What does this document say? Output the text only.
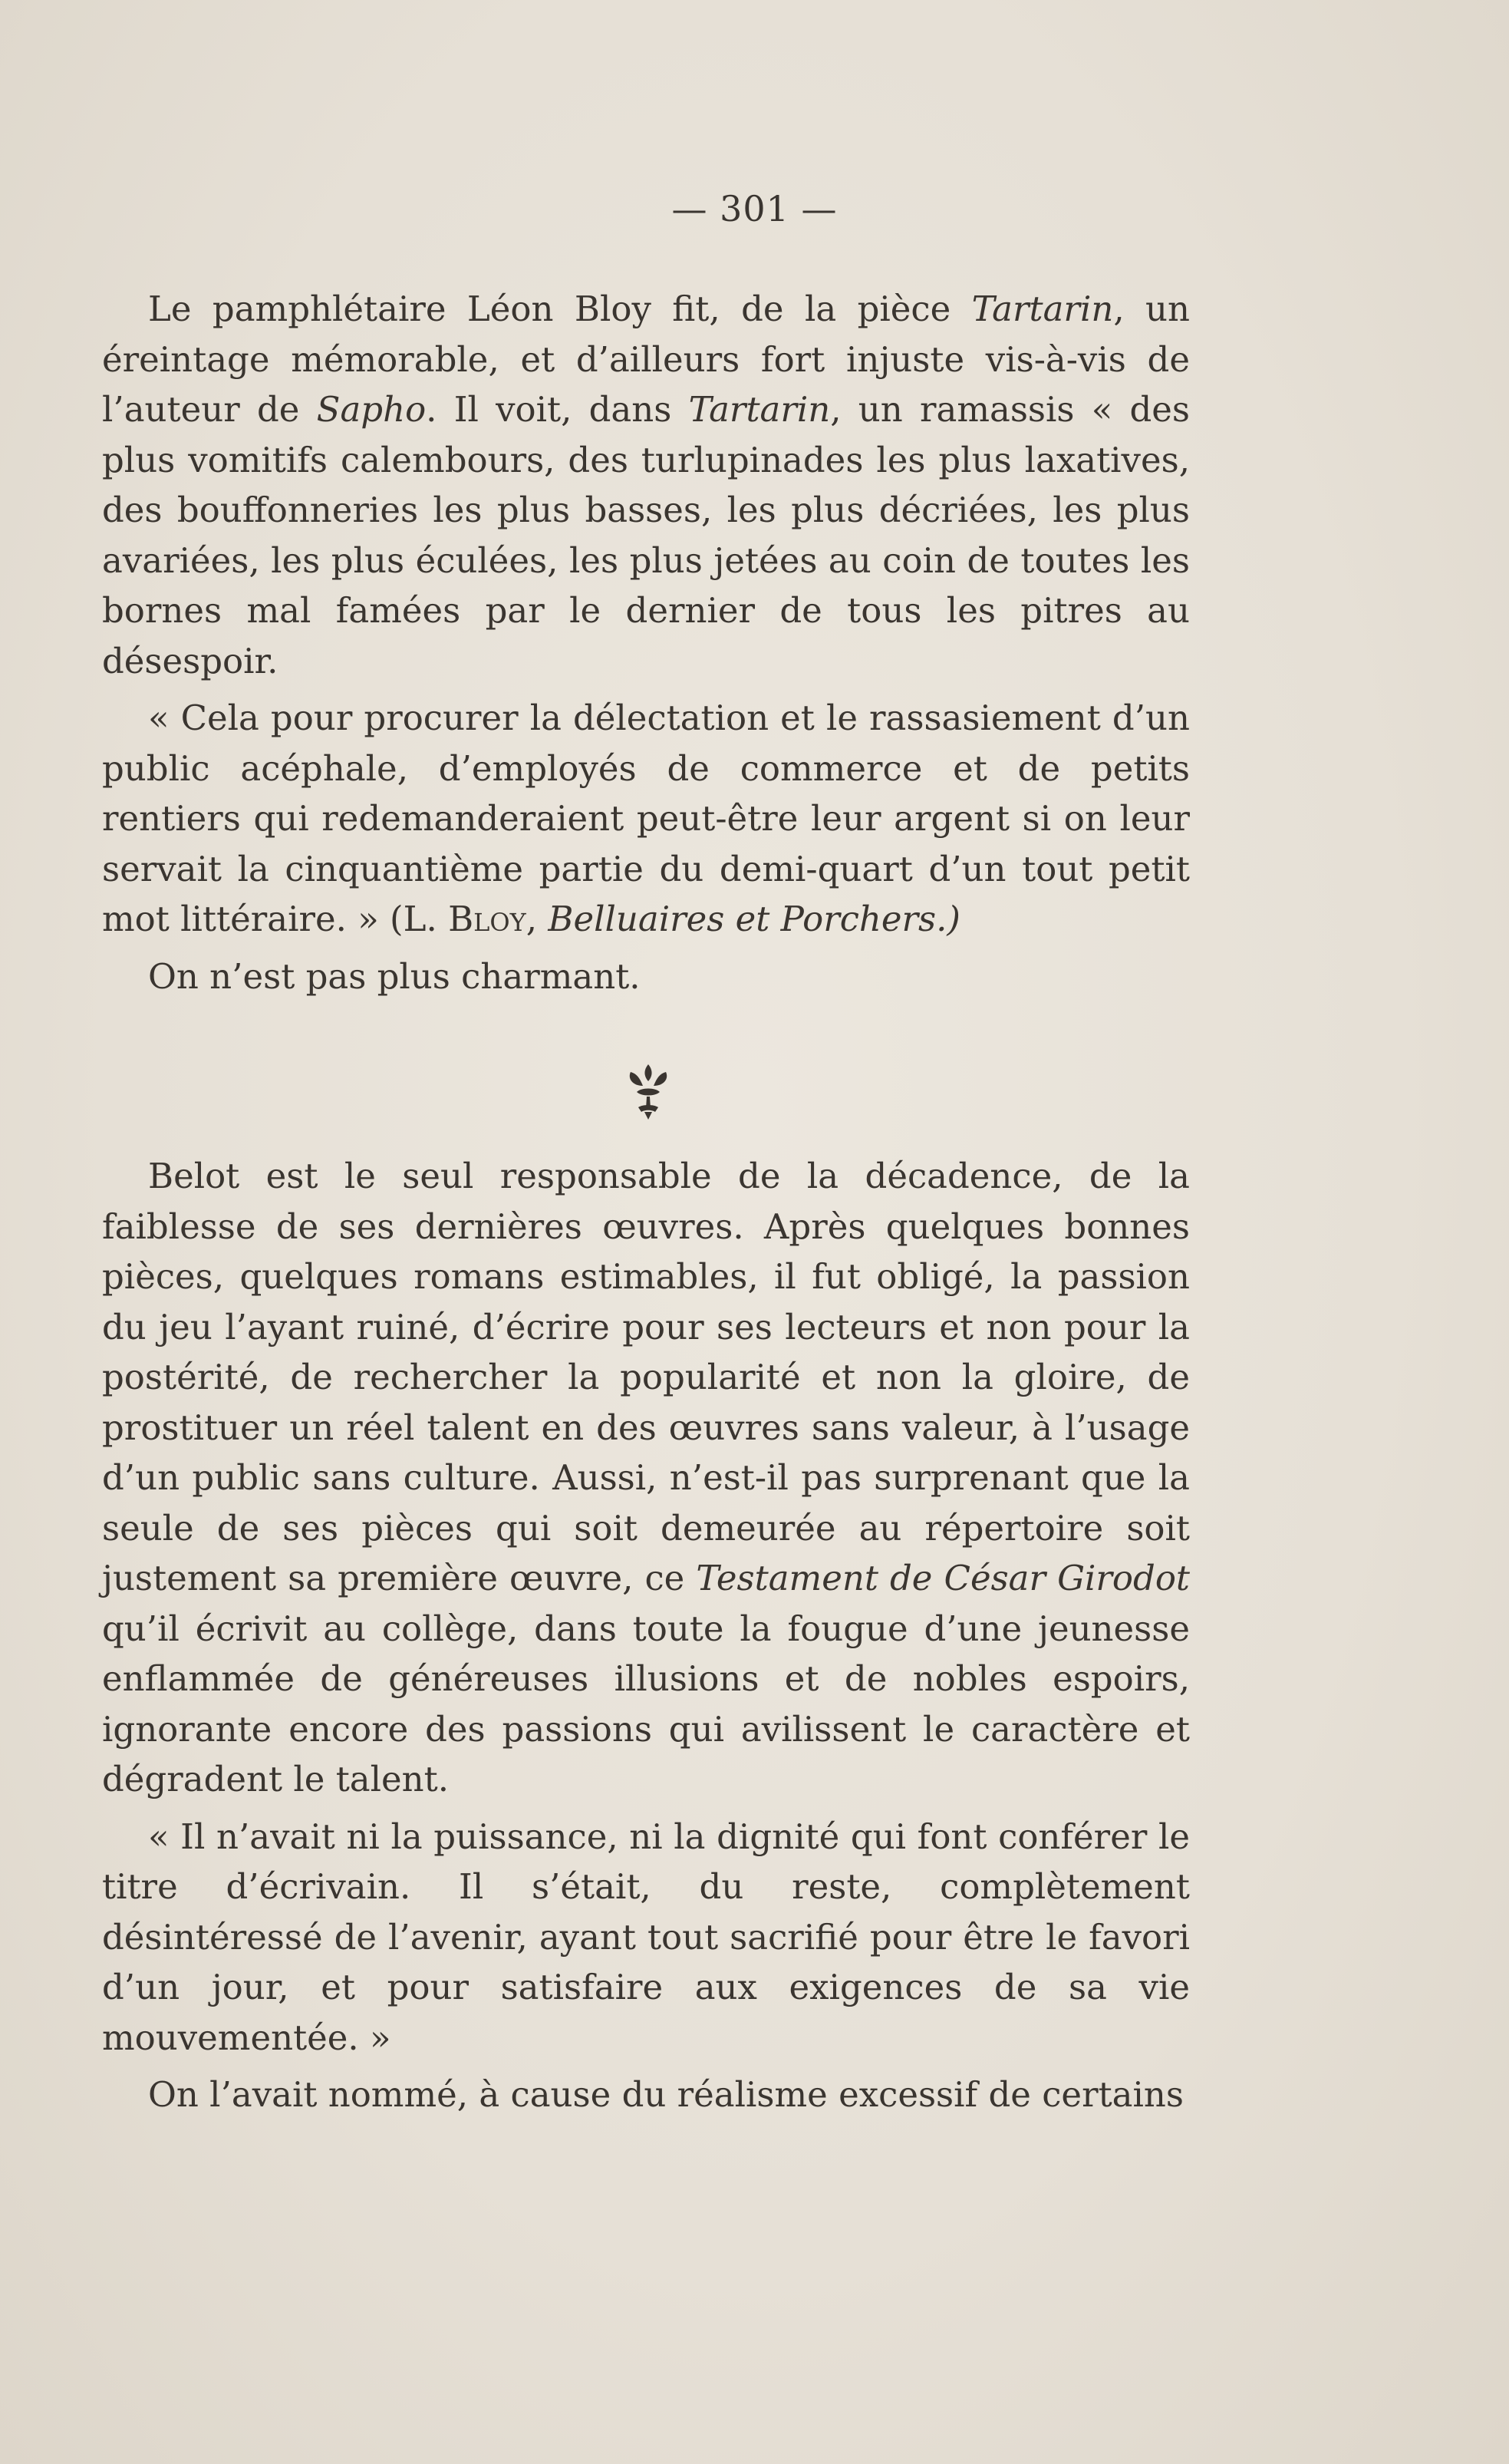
— 301 —

Le pamphlétaire Léon Bloy fit, de la pièce Tartarin, un éreintage mémorable, et d’ailleurs fort injuste vis-à-vis de l’auteur de Sapho. Il voit, dans Tartarin, un ramassis « des plus vomitifs calembours, des turlupinades les plus laxatives, des bouffonneries les plus basses, les plus décriées, les plus avariées, les plus éculées, les plus jetées au coin de toutes les bornes mal famées par le dernier de tous les pitres au désespoir.

« Cela pour procurer la délectation et le rassasiement d’un public acéphale, d’employés de commerce et de petits rentiers qui redemanderaient peut-être leur argent si on leur servait la cinquantième partie du demi-quart d’un tout petit mot littéraire. » (L. Bloy, Belluaires et Porchers.)

On n’est pas plus charmant.

Belot est le seul responsable de la décadence, de la faiblesse de ses dernières œuvres. Après quelques bonnes pièces, quelques romans estimables, il fut obligé, la passion du jeu l’ayant ruiné, d’écrire pour ses lecteurs et non pour la postérité, de rechercher la popularité et non la gloire, de prostituer un réel talent en des œuvres sans valeur, à l’usage d’un public sans culture. Aussi, n’est-il pas surprenant que la seule de ses pièces qui soit demeurée au répertoire soit justement sa première œuvre, ce Testament de César Girodot qu’il écrivit au collège, dans toute la fougue d’une jeunesse enflammée de généreuses illusions et de nobles espoirs, ignorante encore des passions qui avilissent le caractère et dégradent le talent.

« Il n’avait ni la puissance, ni la dignité qui font conférer le titre d’écrivain. Il s’était, du reste, complètement désintéressé de l’avenir, ayant tout sacrifié pour être le favori d’un jour, et pour satisfaire aux exigences de sa vie mouvementée. »

On l’avait nommé, à cause du réalisme excessif de certains
